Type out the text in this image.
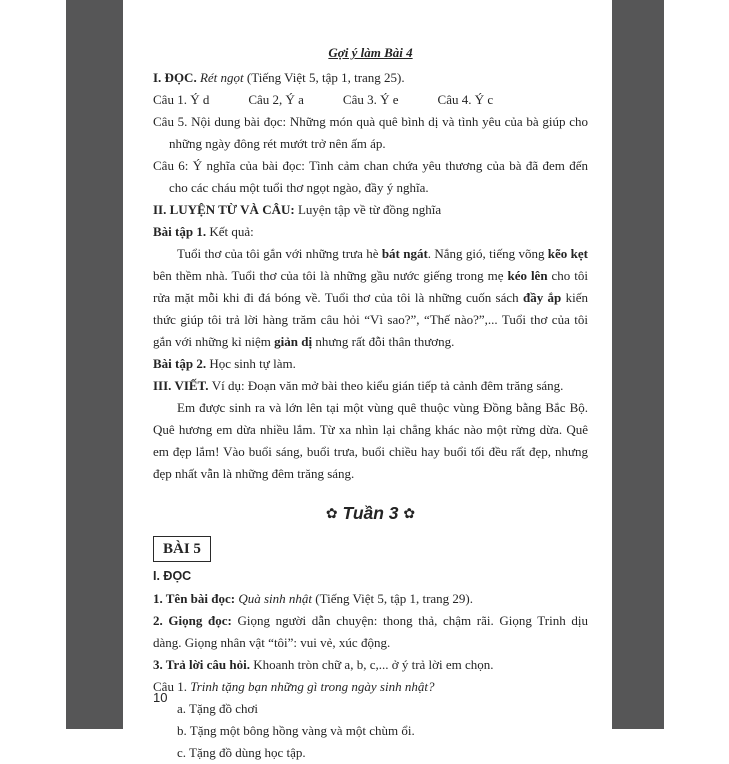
Gợi ý làm Bài 4
I. ĐỌC. Rét ngọt (Tiếng Việt 5, tập 1, trang 25).
Câu 1. Ý d   Câu 2, Ý a   Câu 3. Ý e   Câu 4. Ý c
Câu 5. Nội dung bài đọc: Những món quà quê bình dị và tình yêu của bà giúp cho những ngày đông rét mướt trở nên ấm áp.
Câu 6: Ý nghĩa của bài đọc: Tình cảm chan chứa yêu thương của bà đã đem đến cho các cháu một tuổi thơ ngọt ngào, đầy ý nghĩa.
II. LUYỆN TỪ VÀ CÂU: Luyện tập về từ đồng nghĩa
Bài tập 1. Kết quả:
Tuổi thơ của tôi gắn với những trưa hè bát ngát. Nắng gió, tiếng võng kẽo kẹt bên thềm nhà. Tuổi thơ của tôi là những gầu nước giếng trong mẹ kéo lên cho tôi rửa mặt mỗi khi đi đá bóng về. Tuổi thơ của tôi là những cuốn sách đầy ắp kiến thức giúp tôi trả lời hàng trăm câu hỏi “Vì sao?”, “Thế nào?”,... Tuổi thơ của tôi gắn với những kỉ niệm giản dị nhưng rất đỗi thân thương.
Bài tập 2. Học sinh tự làm.
III. VIẾT. Ví dụ: Đoạn văn mở bài theo kiểu gián tiếp tả cảnh đêm trăng sáng.
Em được sinh ra và lớn lên tại một vùng quê thuộc vùng Đồng bằng Bắc Bộ. Quê hương em dừa nhiều lắm. Từ xa nhìn lại chẳng khác nào một rừng dừa. Quê em đẹp lắm! Vào buổi sáng, buổi trưa, buổi chiều hay buổi tối đều rất đẹp, nhưng đẹp nhất vẫn là những đêm trăng sáng.
✿ Tuần 3 ✿
BÀI 5
I. ĐỌC
1. Tên bài đọc: Quà sinh nhật (Tiếng Việt 5, tập 1, trang 29).
2. Giọng đọc: Giọng người dẫn chuyện: thong thả, chậm rãi. Giọng Trinh dịu dàng. Giọng nhân vật “tôi”: vui vẻ, xúc động.
3. Trả lời câu hỏi. Khoanh tròn chữ a, b, c,... ở ý trả lời em chọn.
Câu 1. Trinh tặng bạn những gì trong ngày sinh nhật?
a. Tặng đồ chơi
b. Tặng một bông hồng vàng và một chùm ổi.
c. Tặng đồ dùng học tập.
10
